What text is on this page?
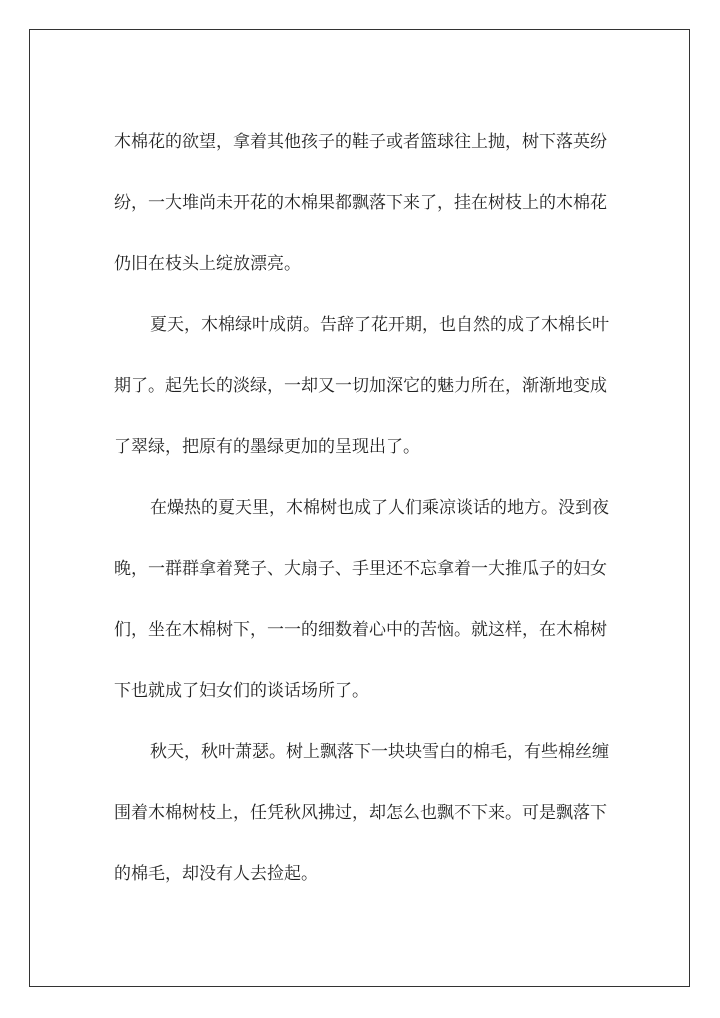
木棉花的欲望，拿着其他孩子的鞋子或者篮球往上抛，树下落英纷
纷，一大堆尚未开花的木棉果都飘落下来了，挂在树枝上的木棉花
仍旧在枝头上绽放漂亮。
夏天，木棉绿叶成荫。告辞了花开期，也自然的成了木棉长叶
期了。起先长的淡绿，一却又一切加深它的魅力所在，渐渐地变成
了翠绿，把原有的墨绿更加的呈现出了。
在燥热的夏天里，木棉树也成了人们乘凉谈话的地方。没到夜
晚，一群群拿着凳子、大扇子、手里还不忘拿着一大推瓜子的妇女
们，坐在木棉树下，一一的细数着心中的苦恼。就这样，在木棉树
下也就成了妇女们的谈话场所了。
秋天，秋叶萧瑟。树上飘落下一块块雪白的棉毛，有些棉丝缠
围着木棉树枝上，任凭秋风拂过，却怎么也飘不下来。可是飘落下
的棉毛，却没有人去捡起。
